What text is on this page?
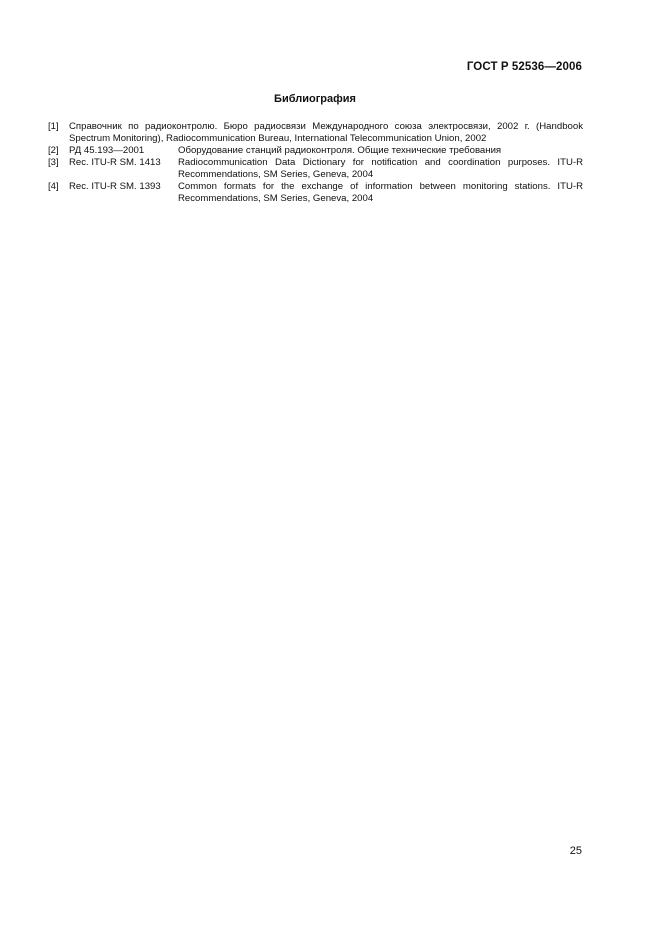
ГОСТ Р 52536—2006
Библиография
[1] Справочник по радиоконтролю. Бюро радиосвязи Международного союза электросвязи, 2002 г. (Handbook Spectrum Monitoring), Radiocommunication Bureau, International Telecommunication Union, 2002
[2] РД 45.193—2001	Оборудование станций радиоконтроля. Общие технические требования
[3] Rec. ITU-R SM. 1413 Radiocommunication Data Dictionary for notification and coordination purposes. ITU-R Recommendations, SM Series, Geneva, 2004
[4] Rec. ITU-R SM. 1393 Common formats for the exchange of information between monitoring stations. ITU-R Recommendations, SM Series, Geneva, 2004
25
